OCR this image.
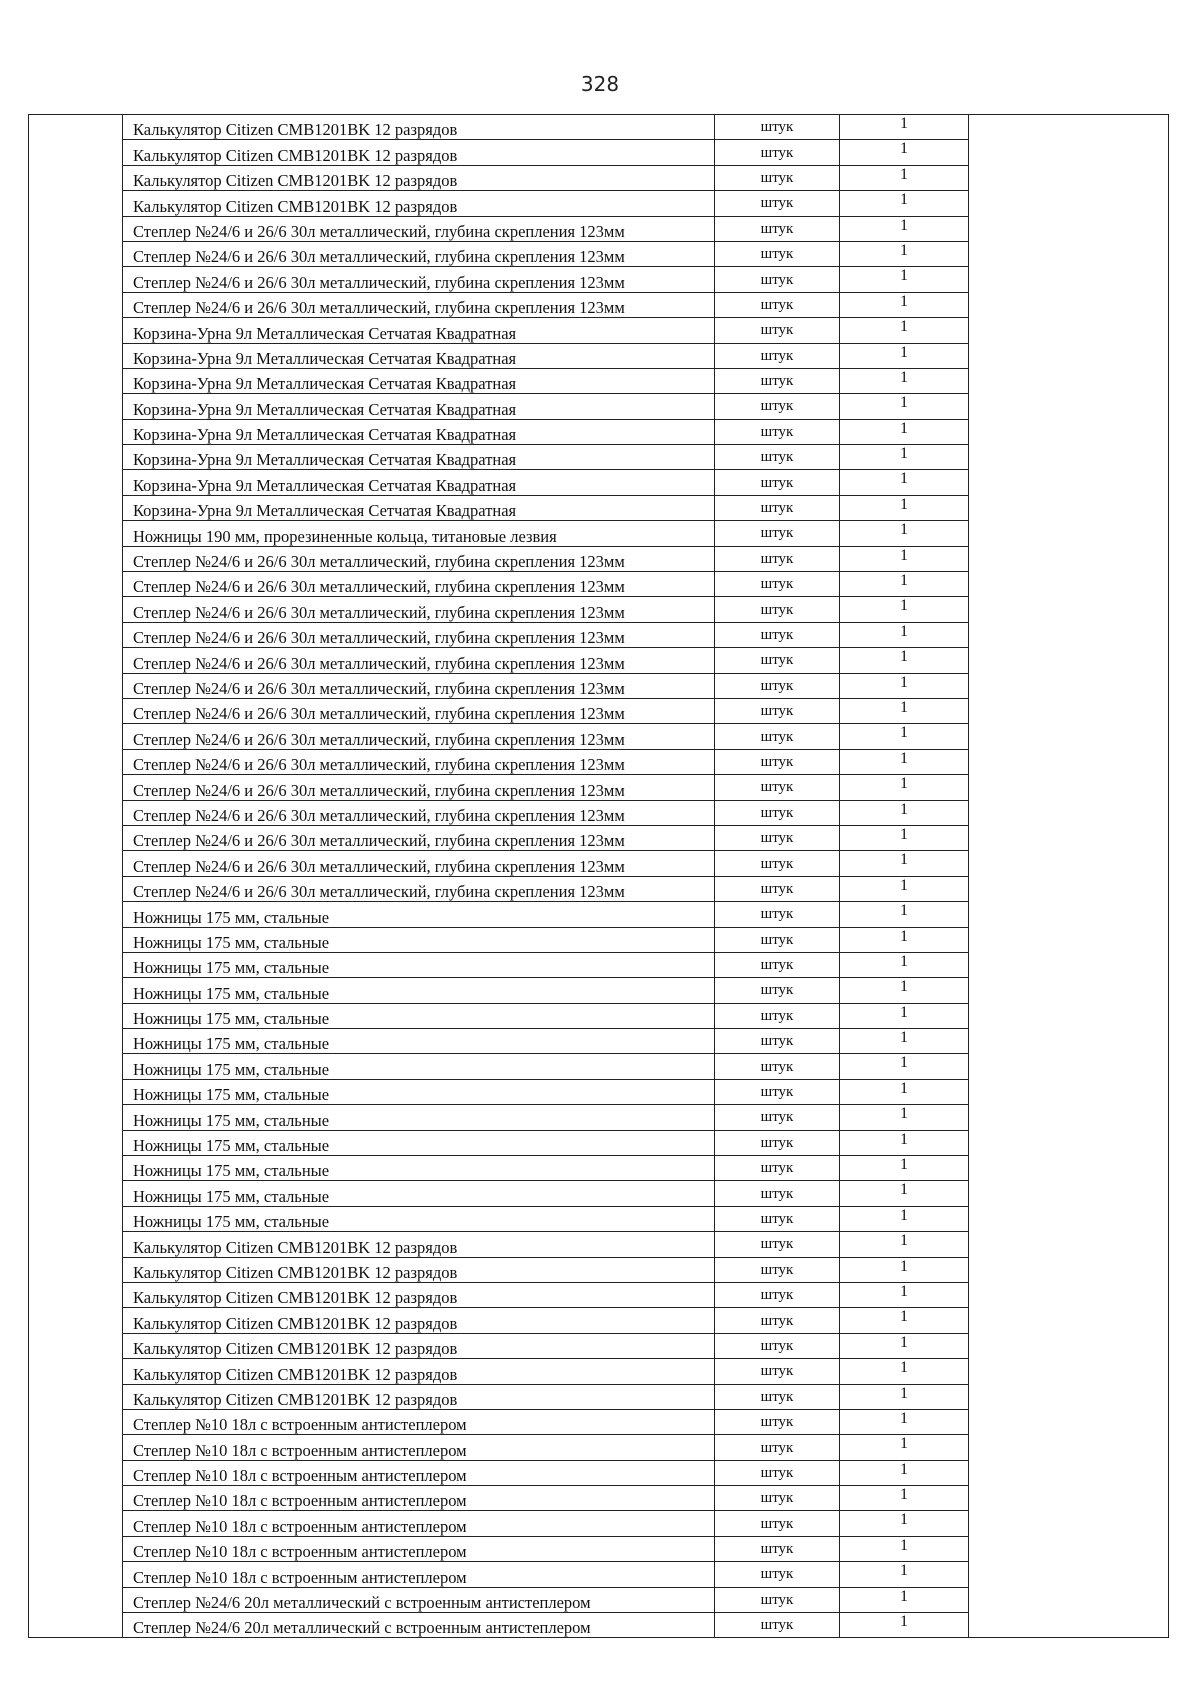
328
	Калькулятор Citizen CMB1201BK 12 разрядов	штук	1	
	Калькулятор Citizen CMB1201BK 12 разрядов	штук	1	
	Калькулятор Citizen CMB1201BK 12 разрядов	штук	1	
	Калькулятор Citizen CMB1201BK 12 разрядов	штук	1	
	Степлер №24/6 и 26/6 30л металлический, глубина скрепления 123мм	штук	1	
	Степлер №24/6 и 26/6 30л металлический, глубина скрепления 123мм	штук	1	
	Степлер №24/6 и 26/6 30л металлический, глубина скрепления 123мм	штук	1	
	Степлер №24/6 и 26/6 30л металлический, глубина скрепления 123мм	штук	1	
	Корзина-Урна 9л Металлическая Сетчатая Квадратная	штук	1	
	Корзина-Урна 9л Металлическая Сетчатая Квадратная	штук	1	
	Корзина-Урна 9л Металлическая Сетчатая Квадратная	штук	1	
	Корзина-Урна 9л Металлическая Сетчатая Квадратная	штук	1	
	Корзина-Урна 9л Металлическая Сетчатая Квадратная	штук	1	
	Корзина-Урна 9л Металлическая Сетчатая Квадратная	штук	1	
	Корзина-Урна 9л Металлическая Сетчатая Квадратная	штук	1	
	Корзина-Урна 9л Металлическая Сетчатая Квадратная	штук	1	
	Ножницы 190 мм, прорезиненные кольца, титановые лезвия	штук	1	
	Степлер №24/6 и 26/6 30л металлический, глубина скрепления 123мм	штук	1	
	Степлер №24/6 и 26/6 30л металлический, глубина скрепления 123мм	штук	1	
	Степлер №24/6 и 26/6 30л металлический, глубина скрепления 123мм	штук	1	
	Степлер №24/6 и 26/6 30л металлический, глубина скрепления 123мм	штук	1	
	Степлер №24/6 и 26/6 30л металлический, глубина скрепления 123мм	штук	1	
	Степлер №24/6 и 26/6 30л металлический, глубина скрепления 123мм	штук	1	
	Степлер №24/6 и 26/6 30л металлический, глубина скрепления 123мм	штук	1	
	Степлер №24/6 и 26/6 30л металлический, глубина скрепления 123мм	штук	1	
	Степлер №24/6 и 26/6 30л металлический, глубина скрепления 123мм	штук	1	
	Степлер №24/6 и 26/6 30л металлический, глубина скрепления 123мм	штук	1	
	Степлер №24/6 и 26/6 30л металлический, глубина скрепления 123мм	штук	1	
	Степлер №24/6 и 26/6 30л металлический, глубина скрепления 123мм	штук	1	
	Степлер №24/6 и 26/6 30л металлический, глубина скрепления 123мм	штук	1	
	Степлер №24/6 и 26/6 30л металлический, глубина скрепления 123мм	штук	1	
	Ножницы 175 мм, стальные	штук	1	
	Ножницы 175 мм, стальные	штук	1	
	Ножницы 175 мм, стальные	штук	1	
	Ножницы 175 мм, стальные	штук	1	
	Ножницы 175 мм, стальные	штук	1	
	Ножницы 175 мм, стальные	штук	1	
	Ножницы 175 мм, стальные	штук	1	
	Ножницы 175 мм, стальные	штук	1	
	Ножницы 175 мм, стальные	штук	1	
	Ножницы 175 мм, стальные	штук	1	
	Ножницы 175 мм, стальные	штук	1	
	Ножницы 175 мм, стальные	штук	1	
	Ножницы 175 мм, стальные	штук	1	
	Калькулятор Citizen CMB1201BK 12 разрядов	штук	1	
	Калькулятор Citizen CMB1201BK 12 разрядов	штук	1	
	Калькулятор Citizen CMB1201BK 12 разрядов	штук	1	
	Калькулятор Citizen CMB1201BK 12 разрядов	штук	1	
	Калькулятор Citizen CMB1201BK 12 разрядов	штук	1	
	Калькулятор Citizen CMB1201BK 12 разрядов	штук	1	
	Калькулятор Citizen CMB1201BK 12 разрядов	штук	1	
	Степлер №10 18л с встроенным антистеплером	штук	1	
	Степлер №10 18л с встроенным антистеплером	штук	1	
	Степлер №10 18л с встроенным антистеплером	штук	1	
	Степлер №10 18л с встроенным антистеплером	штук	1	
	Степлер №10 18л с встроенным антистеплером	штук	1	
	Степлер №10 18л с встроенным антистеплером	штук	1	
	Степлер №10 18л с встроенным антистеплером	штук	1	
	Степлер №24/6 20л металлический с встроенным антистеплером	штук	1	
	Степлер №24/6 20л металлический с встроенным антистеплером	штук	1	
